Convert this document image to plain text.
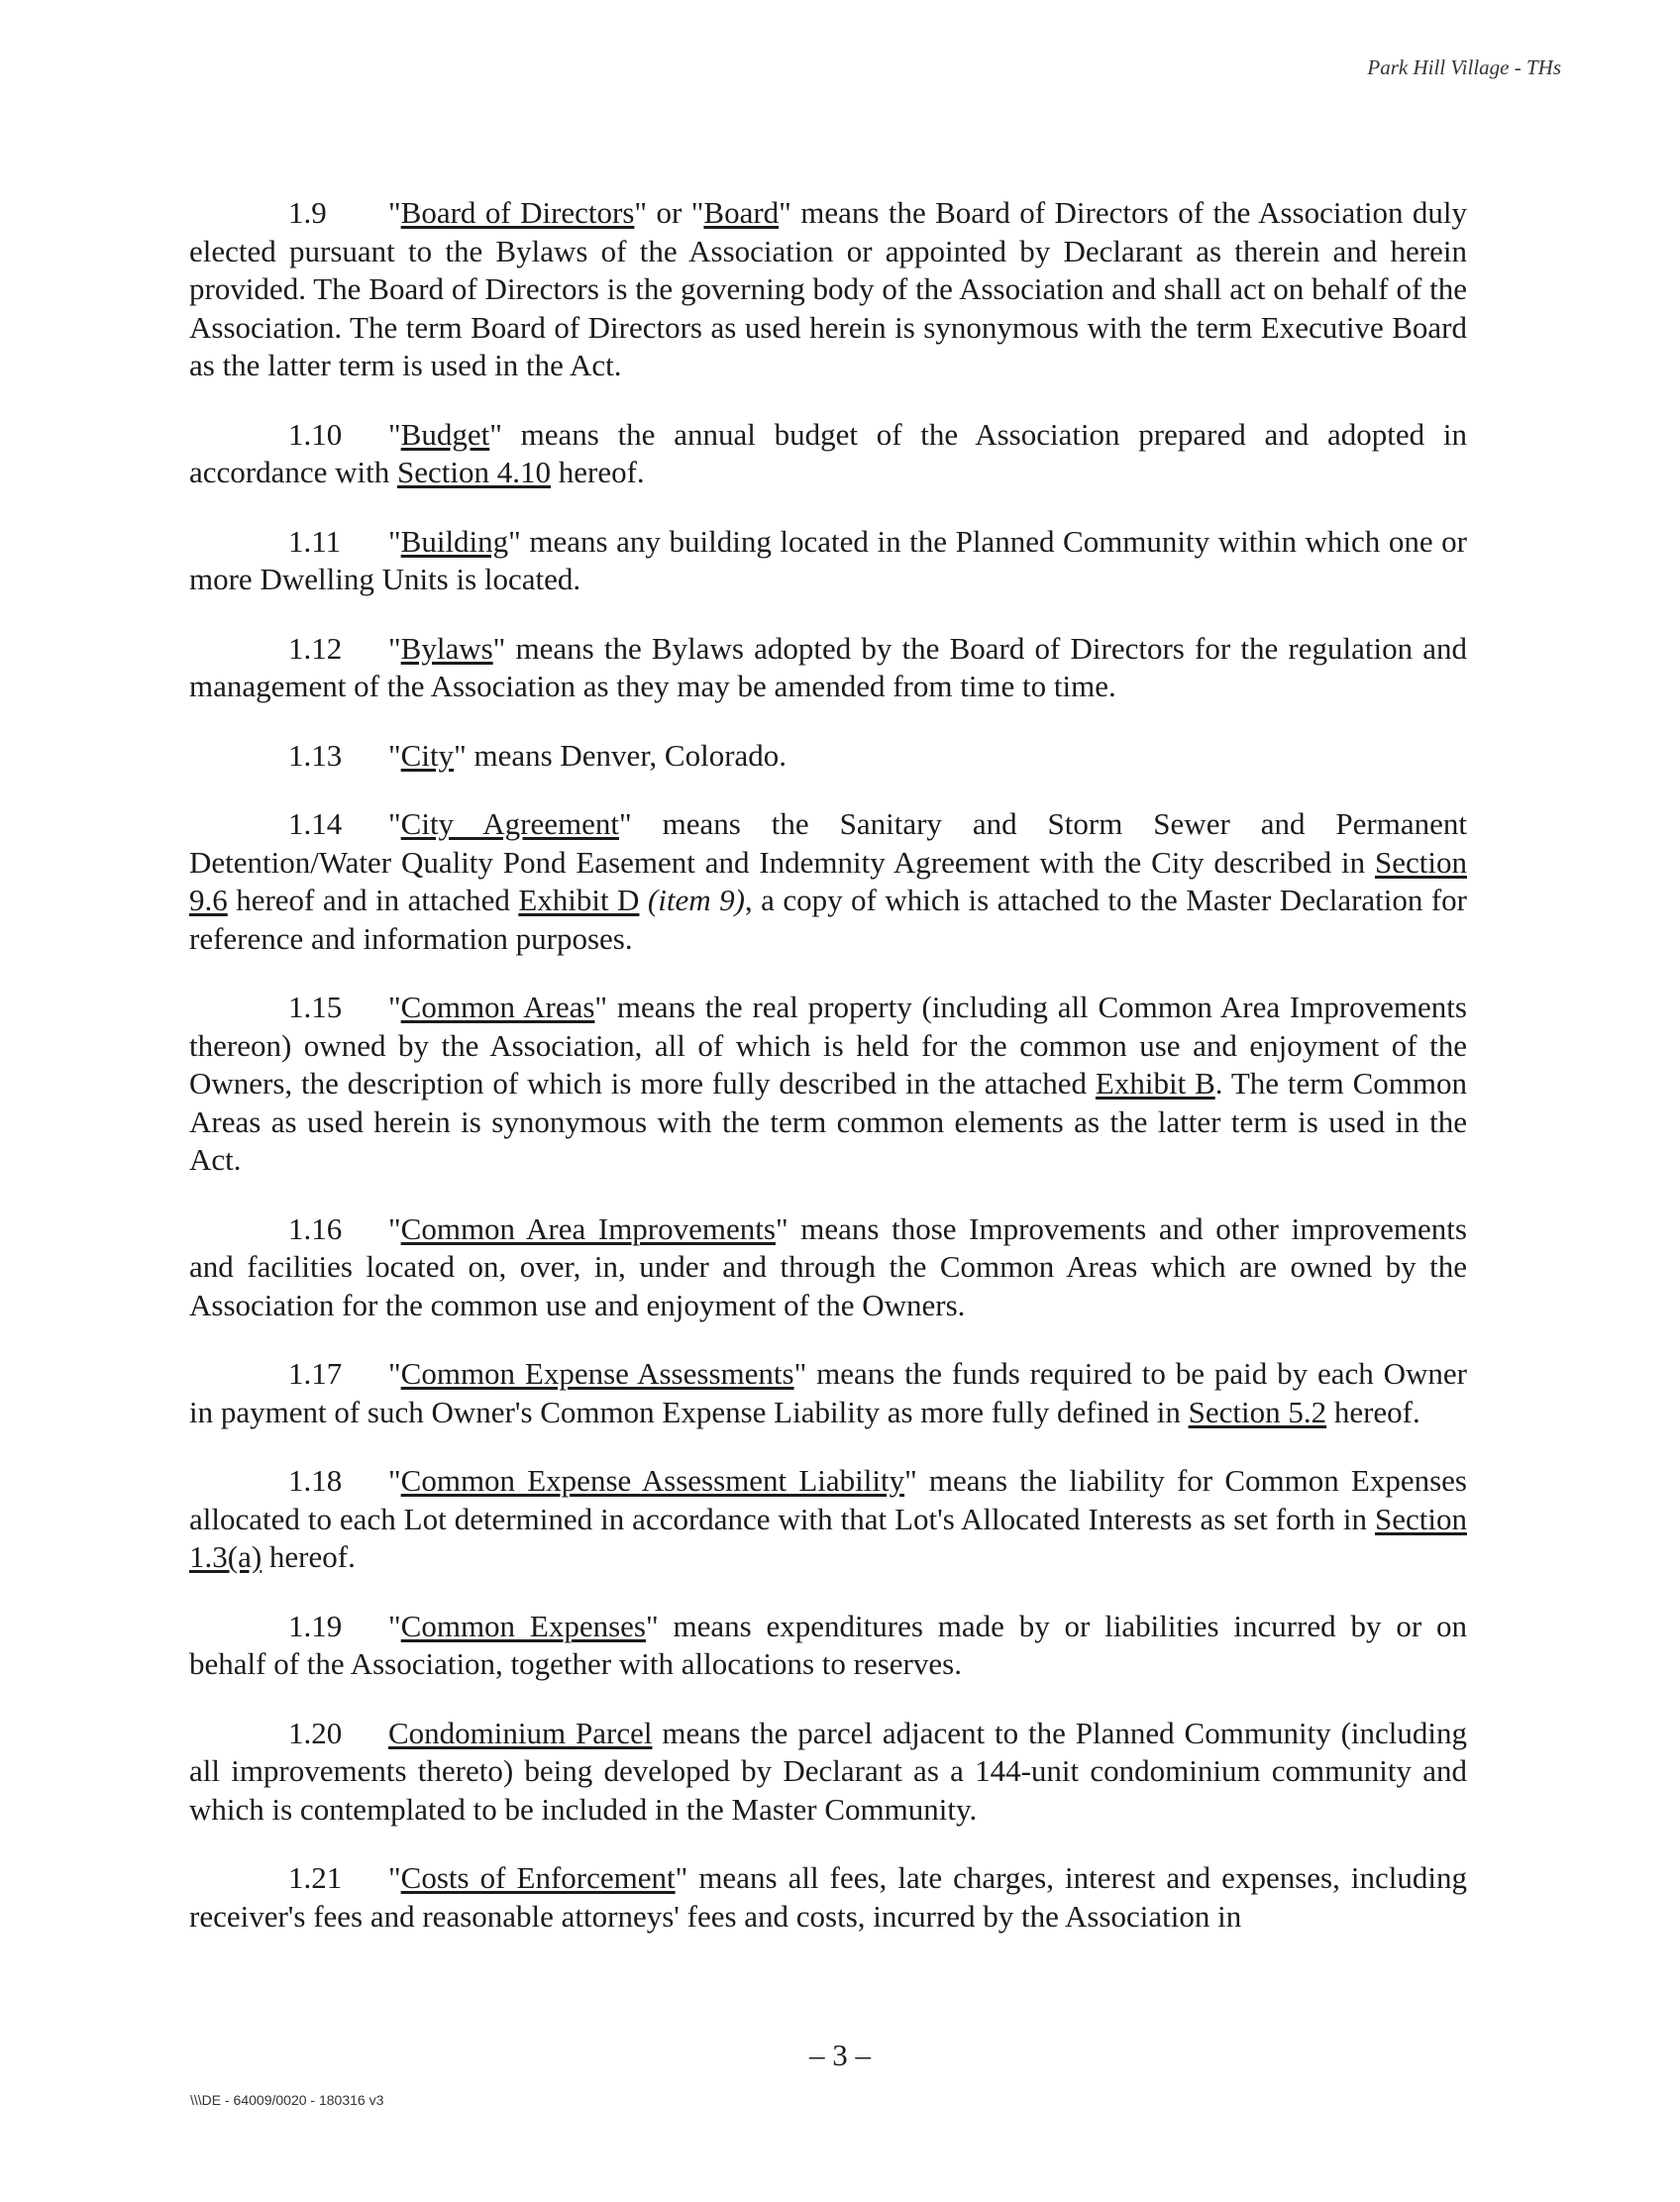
Park Hill Village - THs

1.9 "Board of Directors" or "Board" means the Board of Directors of the Association duly elected pursuant to the Bylaws of the Association or appointed by Declarant as therein and herein provided. The Board of Directors is the governing body of the Association and shall act on behalf of the Association. The term Board of Directors as used herein is synonymous with the term Executive Board as the latter term is used in the Act.

1.10 "Budget" means the annual budget of the Association prepared and adopted in accordance with Section 4.10 hereof.

1.11 "Building" means any building located in the Planned Community within which one or more Dwelling Units is located.

1.12 "Bylaws" means the Bylaws adopted by the Board of Directors for the regulation and management of the Association as they may be amended from time to time.

1.13 "City" means Denver, Colorado.

1.14 "City Agreement" means the Sanitary and Storm Sewer and Permanent Detention/Water Quality Pond Easement and Indemnity Agreement with the City described in Section 9.6 hereof and in attached Exhibit D (item 9), a copy of which is attached to the Master Declaration for reference and information purposes.

1.15 "Common Areas" means the real property (including all Common Area Improvements thereon) owned by the Association, all of which is held for the common use and enjoyment of the Owners, the description of which is more fully described in the attached Exhibit B. The term Common Areas as used herein is synonymous with the term common elements as the latter term is used in the Act.

1.16 "Common Area Improvements" means those Improvements and other improvements and facilities located on, over, in, under and through the Common Areas which are owned by the Association for the common use and enjoyment of the Owners.

1.17 "Common Expense Assessments" means the funds required to be paid by each Owner in payment of such Owner's Common Expense Liability as more fully defined in Section 5.2 hereof.

1.18 "Common Expense Assessment Liability" means the liability for Common Expenses allocated to each Lot determined in accordance with that Lot's Allocated Interests as set forth in Section 1.3(a) hereof.

1.19 "Common Expenses" means expenditures made by or liabilities incurred by or on behalf of the Association, together with allocations to reserves.

1.20 Condominium Parcel means the parcel adjacent to the Planned Community (including all improvements thereto) being developed by Declarant as a 144-unit condominium community and which is contemplated to be included in the Master Community.

1.21 "Costs of Enforcement" means all fees, late charges, interest and expenses, including receiver's fees and reasonable attorneys' fees and costs, incurred by the Association in

– 3 –
\\\DE - 64009/0020 - 180316 v3
